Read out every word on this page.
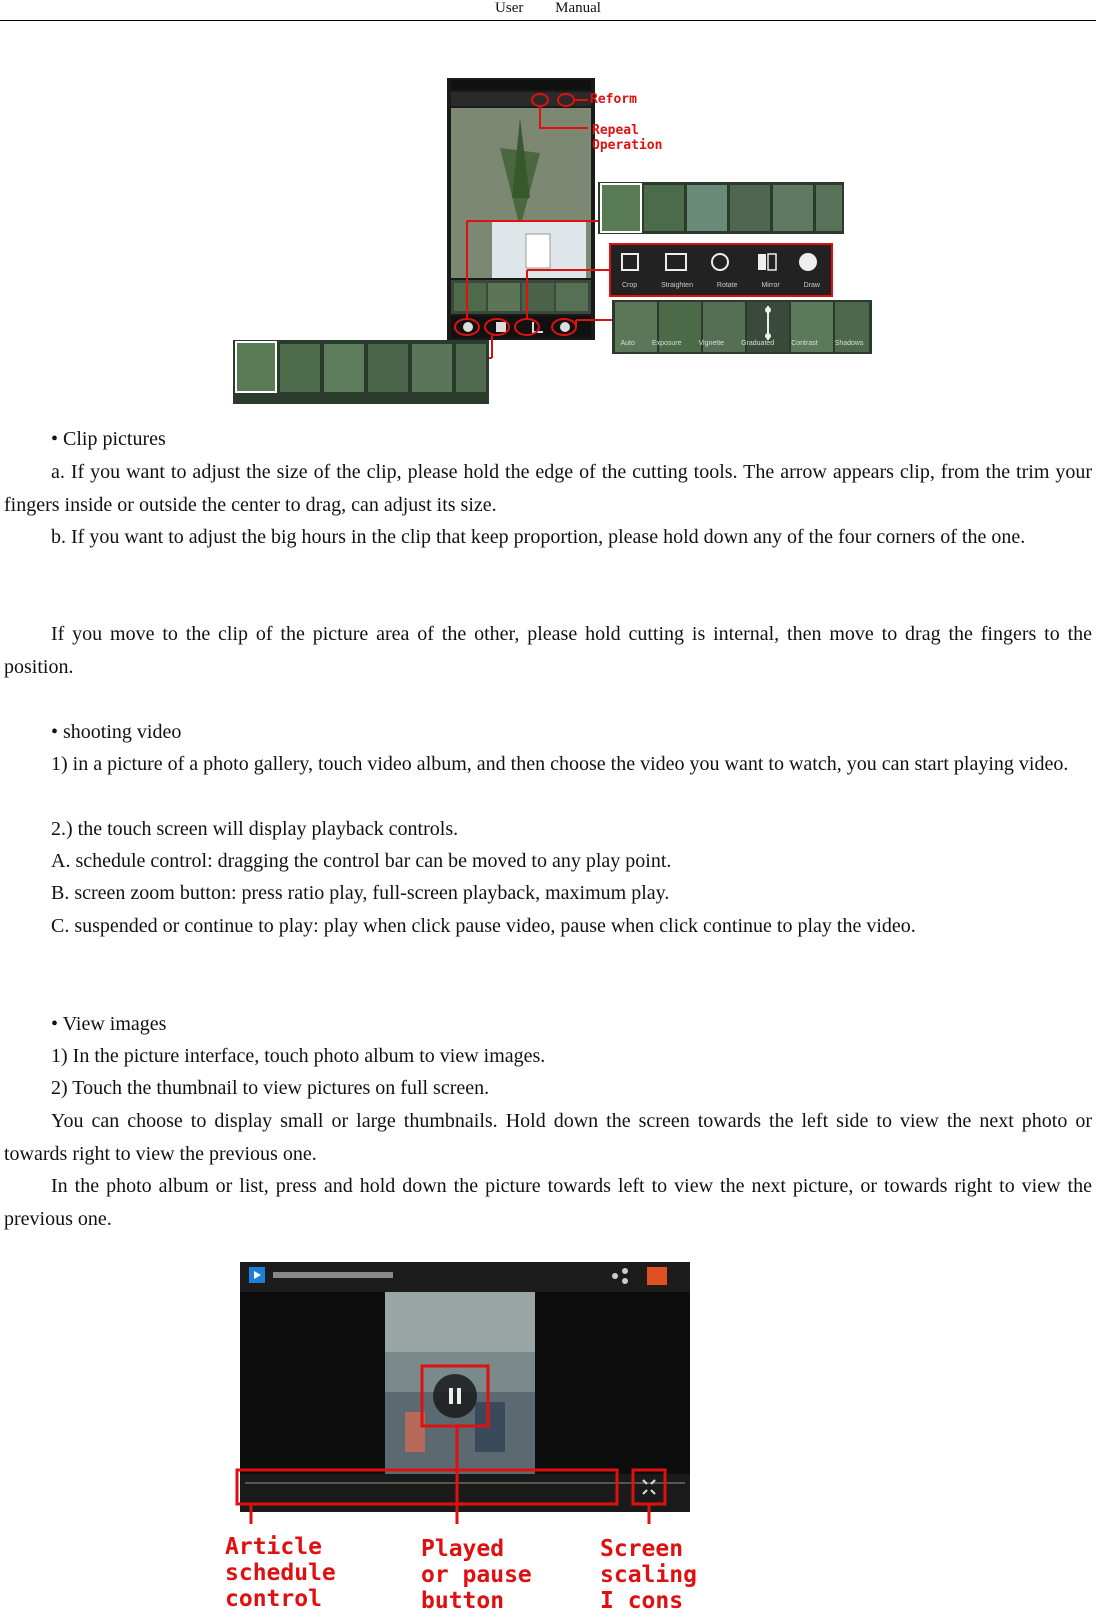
User Manual
Reform
Repeal
Operation
Crop	Straighten	Rotate	Mirror	Draw
Auto Exposure Vignette Graduated Contrast Shadows
• Clip pictures
a. If you want to adjust the size of the clip, please hold the edge of the cutting tools. The arrow appears clip, from the trim your fingers inside or outside the center to drag, can adjust its size.
b. If you want to adjust the big hours in the clip that keep proportion, please hold down any of the four corners of the one.
If you move to the clip of the picture area of the other, please hold cutting is internal, then move to drag the fingers to the position.
• shooting video
1) in a picture of a photo gallery, touch video album, and then choose the video you want to watch, you can start playing video.
2.) the touch screen will display playback controls.
A. schedule control: dragging the control bar can be moved to any play point.
B. screen zoom button: press ratio play, full-screen playback, maximum play.
C. suspended or continue to play: play when click pause video, pause when click continue to play the video.
• View images
1) In the picture interface, touch photo album to view images.
2) Touch the thumbnail to view pictures on full screen.
You can choose to display small or large thumbnails. Hold down the screen towards the left side to view the next photo or towards right to view the previous one.
In the photo album or list, press and hold down the picture towards left to view the next picture, or towards right to view the previous one.
Article
schedule
control
Played
or pause
button
Screen
scaling
I cons
